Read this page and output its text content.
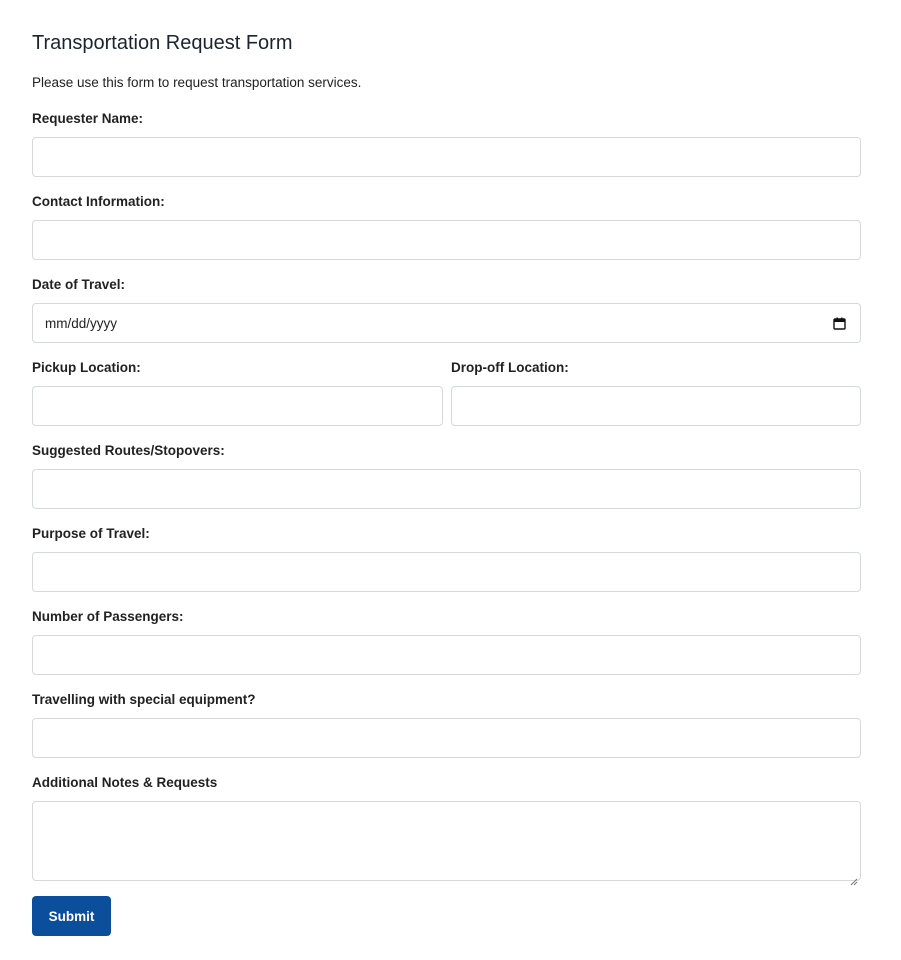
Transportation Request Form

Please use this form to request transportation services.

Requester Name:
Contact Information:
Date of Travel:
mm/dd/yyyy
Pickup Location:	Drop-off Location:
Suggested Routes/Stopovers:
Purpose of Travel:
Number of Passengers:
Travelling with special equipment?
Additional Notes & Requests
Submit
